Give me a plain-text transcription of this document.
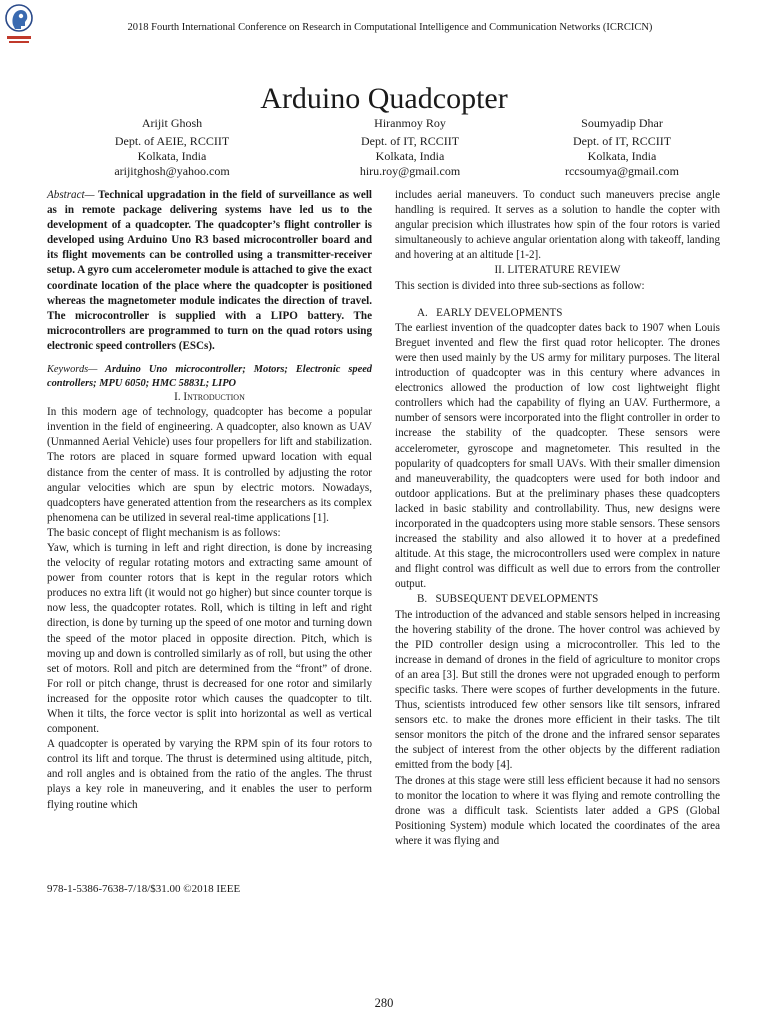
2018 Fourth International Conference on Research in Computational Intelligence and Communication Networks (ICRCICN)
Arduino Quadcopter
Arijit Ghosh
Dept. of AEIE, RCCIIT
Kolkata, India
arijitghosh@yahoo.com
Hiranmoy Roy
Dept. of IT, RCCIIT
Kolkata, India
hiru.roy@gmail.com
Soumyadip Dhar
Dept. of IT, RCCIIT
Kolkata, India
rccsoumya@gmail.com

Abstract— Technical upgradation in the field of surveillance as well as in remote package delivering systems have led us to the development of a quadcopter. The quadcopter’s flight controller is developed using Arduino Uno R3 based microcontroller board and its flight movements can be controlled using a transmitter-receiver setup. A gyro cum accelerometer module is attached to give the exact coordinate location of the place where the quadcopter is positioned whereas the magnetometer module indicates the direction of travel. The microcontroller is supplied with a LIPO battery. The microcontrollers are programmed to turn on the quad rotors using electronic speed controllers (ESCs).

Keywords— Arduino Uno microcontroller; Motors; Electronic speed controllers; MPU 6050; HMC 5883L; LIPO

I. Introduction

In this modern age of technology, quadcopter has become a popular invention in the field of engineering. A quadcopter, also known as UAV (Unmanned Aerial Vehicle) uses four propellers for lift and stabilization. The rotors are placed in square formed upward location with equal distance from the center of mass. It is controlled by adjusting the rotor angular velocities which are spun by electric motors. Nowadays, quadcopters have generated attention from the researchers as its complex phenomena can be utilized in several real-time applications [1].

The basic concept of flight mechanism is as follows:

Yaw, which is turning in left and right direction, is done by increasing the velocity of regular rotating motors and extracting same amount of power from counter rotors that is kept in the regular rotors which produces no extra lift (it would not go higher) but since counter torque is now less, the quadcopter rotates. Roll, which is tilting in left and right direction, is done by turning up the speed of one motor and turning down the speed of the motor placed in opposite direction. Pitch, which is moving up and down is controlled similarly as of roll, but using the other set of motors. Roll and pitch are determined from the “front” of drone. For roll or pitch change, thrust is decreased for one rotor and similarly increased for the opposite rotor which causes the quadcopter to tilt. When it tilts, the force vector is split into horizontal as well as vertical component.

A quadcopter is operated by varying the RPM spin of its four rotors to control its lift and torque. The thrust is determined using altitude, pitch, and roll angles and is obtained from the ratio of the angles. The thrust plays a key role in maneuvering, and it enables the user to perform flying routine which

includes aerial maneuvers. To conduct such maneuvers precise angle handling is required. It serves as a solution to handle the copter with angular precision which illustrates how spin of the four rotors is varied simultaneously to achieve angular orientation along with takeoff, landing and hovering at an altitude [1-2].

II. LITERATURE REVIEW

This section is divided into three sub-sections as follow:

A.   EARLY DEVELOPMENTS

The earliest invention of the quadcopter dates back to 1907 when Louis Breguet invented and flew the first quad rotor helicopter. The drones were then used mainly by the US army for military purposes. The literal introduction of quadcopter was in this century where advances in electronics allowed the production of low cost lightweight flight controllers which had the capability of flying an UAV. Furthermore, a number of sensors were incorporated into the flight controller in order to increase the stability of the quadcopter. These sensors were accelerometer, gyroscope and magnetometer. This resulted in the popularity of quadcopters for small UAVs. With their smaller dimension and maneuverability, the quadcopters were used for both indoor and outdoor applications. But at the preliminary phases these quadcopters lacked in basic stability and controllability. Thus, new designs were incorporated in the quadcopters using more stable sensors. These sensors increased the stability and also allowed it to hover at a predefined altitude. At this stage, the microcontrollers used were complex in nature and flight control was difficult as well due to errors from the controller output.

B.   SUBSEQUENT DEVELOPMENTS

The introduction of the advanced and stable sensors helped in increasing the hovering stability of the drone. The hover control was achieved by the PID controller design using a microcontroller. This led to the increase in demand of drones in the field of agriculture to monitor crops of an area [3]. But still the drones were not upgraded enough to perform specific tasks. There were scopes of further developments in the future. Thus, scientists introduced few other sensors like tilt sensors, infrared sensors etc. to make the drones more efficient in their tasks. The tilt sensor monitors the pitch of the drone and the infrared sensor separates the subject of interest from the other objects by the different radiation emitted from the body [4].

The drones at this stage were still less efficient because it had no sensors to monitor the location to where it was flying and remote controlling the drone was a difficult task. Scientists later added a GPS (Global Positioning System) module which located the coordinates of the area where it was flying and

978-1-5386-7638-7/18/$31.00 ©2018 IEEE
280
